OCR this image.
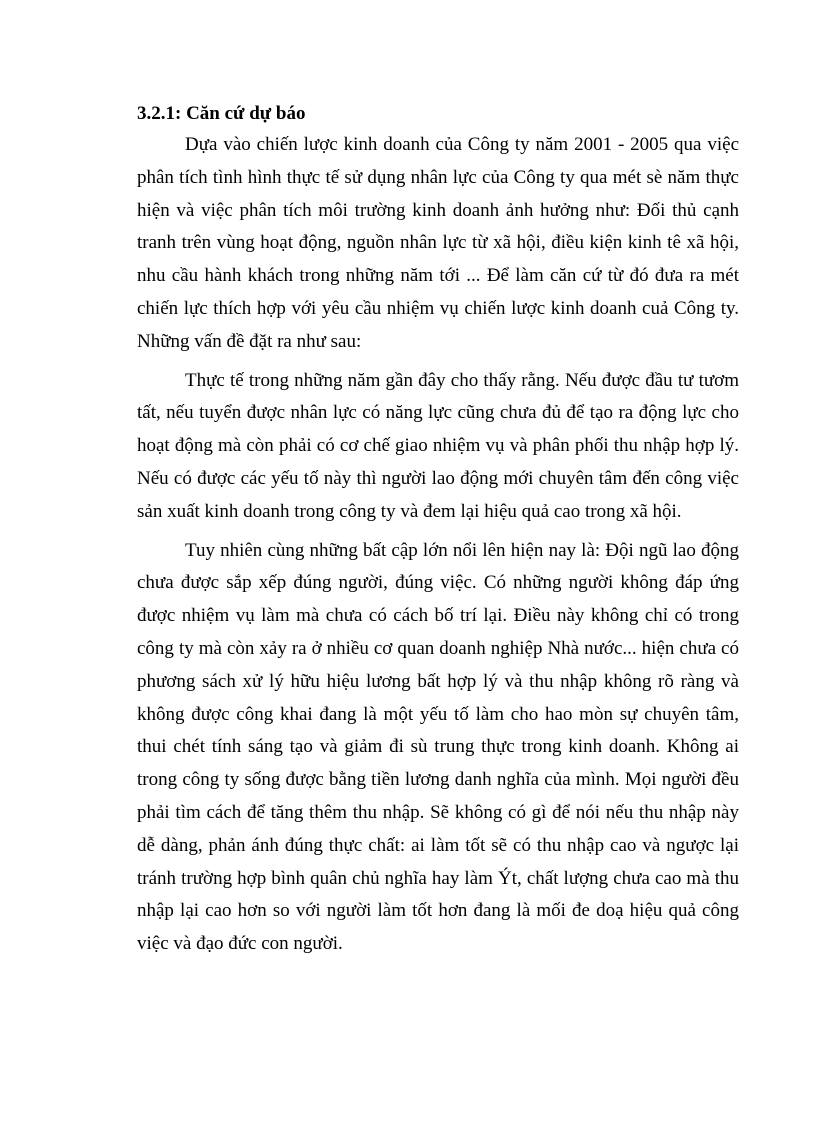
3.2.1: Căn cứ dự báo

Dựa vào chiến lược kinh doanh của Công ty năm 2001 - 2005 qua việc phân tích tình hình thực tế sử dụng nhân lực của Công ty qua mét sè năm thực hiện và việc phân tích môi trường kinh doanh ảnh hưởng như: Đối thủ cạnh tranh trên vùng hoạt động, nguồn nhân lực từ xã hội, điều kiện kinh tê xã hội, nhu cầu hành khách trong những năm tới ... Để làm căn cứ từ đó đưa ra mét chiến lực thích hợp với yêu cầu nhiệm vụ chiến lược kinh doanh cuả Công ty. Những vấn đề đặt ra như sau:

Thực tế trong những năm gần đây cho thấy rằng. Nếu được đầu tư tươm tất, nếu tuyển được nhân lực có năng lực cũng chưa đủ để tạo ra động lực cho hoạt động mà còn phải có cơ chế giao nhiệm vụ và phân phối thu nhập hợp lý. Nếu có được các yếu tố này thì người lao động mới chuyên tâm đến công việc sản xuất kinh doanh trong công ty và đem lại hiệu quả cao trong xã hội.

Tuy nhiên cùng những bất cập lớn nổi lên hiện nay là: Đội ngũ lao động chưa được sắp xếp đúng người, đúng việc. Có những người không đáp ứng được nhiệm vụ làm mà chưa có cách bố trí lại. Điều này không chỉ có trong công ty mà còn xảy ra ở nhiều cơ quan doanh nghiệp Nhà nước... hiện chưa có phương sách xử lý hữu hiệu lương bất hợp lý và thu nhập không rõ ràng và không được công khai đang là một yếu tố làm cho hao mòn sự chuyên tâm, thui chét tính sáng tạo và giảm đi sù trung thực trong kinh doanh. Không ai trong công ty sống được bằng tiền lương danh nghĩa của mình. Mọi người đều phải tìm cách để tăng thêm thu nhập. Sẽ không có gì để nói nếu thu nhập này dễ dàng, phản ánh đúng thực chất: ai làm tốt sẽ có thu nhập cao và ngược lại tránh trường hợp bình quân chủ nghĩa hay làm Ýt, chất lượng chưa cao mà thu nhập lại cao hơn so với người làm tốt hơn đang là mối đe doạ hiệu quả công việc và đạo đức con người.
